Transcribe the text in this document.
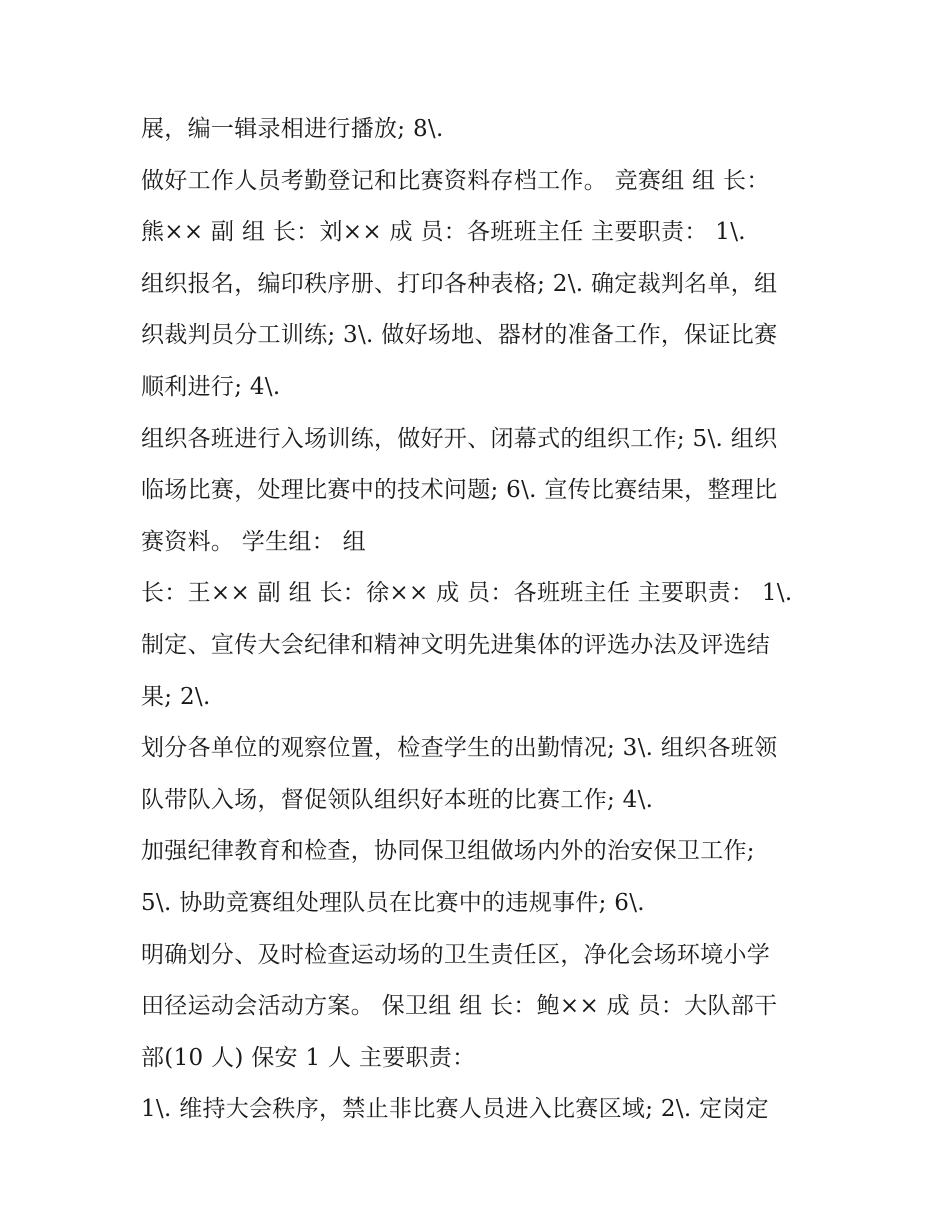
展，编一辑录相进行播放; 8\.
做好工作人员考勤登记和比赛资料存档工作。 竞赛组 组 长：
熊×× 副 组 长：刘×× 成 员：各班班主任 主要职责： 1\.
组织报名，编印秩序册、打印各种表格; 2\. 确定裁判名单，组
织裁判员分工训练; 3\. 做好场地、器材的准备工作，保证比赛
顺利进行; 4\.
组织各班进行入场训练，做好开、闭幕式的组织工作; 5\. 组织
临场比赛，处理比赛中的技术问题; 6\. 宣传比赛结果，整理比
赛资料。 学生组： 组
长：王×× 副 组 长：徐×× 成 员：各班班主任 主要职责： 1\.
制定、宣传大会纪律和精神文明先进集体的评选办法及评选结
果; 2\.
划分各单位的观察位置，检查学生的出勤情况; 3\. 组织各班领
队带队入场，督促领队组织好本班的比赛工作; 4\.
加强纪律教育和检查，协同保卫组做场内外的治安保卫工作;
5\. 协助竞赛组处理队员在比赛中的违规事件; 6\.
明确划分、及时检查运动场的卫生责任区，净化会场环境小学
田径运动会活动方案。 保卫组 组 长：鲍×× 成 员：大队部干
部(10 人) 保安 1 人 主要职责：
1\. 维持大会秩序，禁止非比赛人员进入比赛区域; 2\. 定岗定
